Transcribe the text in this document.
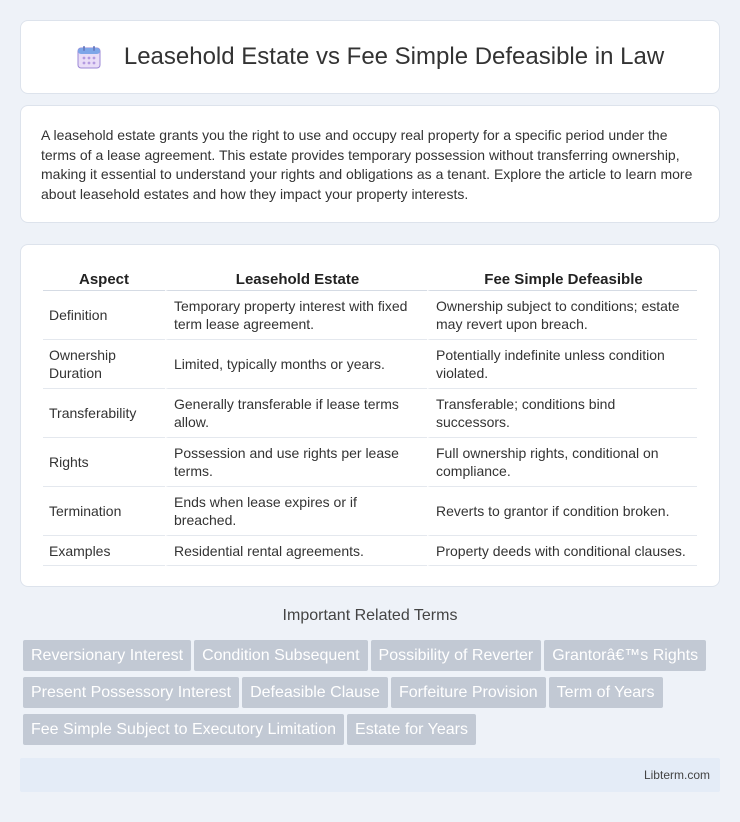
Leasehold Estate vs Fee Simple Defeasible in Law

A leasehold estate grants you the right to use and occupy real property for a specific period under the terms of a lease agreement. This estate provides temporary possession without transferring ownership, making it essential to understand your rights and obligations as a tenant. Explore the article to learn more about leasehold estates and how they impact your property interests.

Aspect	Leasehold Estate	Fee Simple Defeasible
Definition	Temporary property interest with fixed term lease agreement.	Ownership subject to conditions; estate may revert upon breach.
Ownership Duration	Limited, typically months or years.	Potentially indefinite unless condition violated.
Transferability	Generally transferable if lease terms allow.	Transferable; conditions bind successors.
Rights	Possession and use rights per lease terms.	Full ownership rights, conditional on compliance.
Termination	Ends when lease expires or if breached.	Reverts to grantor if condition broken.
Examples	Residential rental agreements.	Property deeds with conditional clauses.
Important Related Terms
Reversionary Interest Condition Subsequent Possibility of Reverter Grantorâ€™s RightsPresent Possessory Interest Defeasible Clause Forfeiture Provision Term of YearsFee Simple Subject to Executory Limitation Estate for Years
Libterm.com
